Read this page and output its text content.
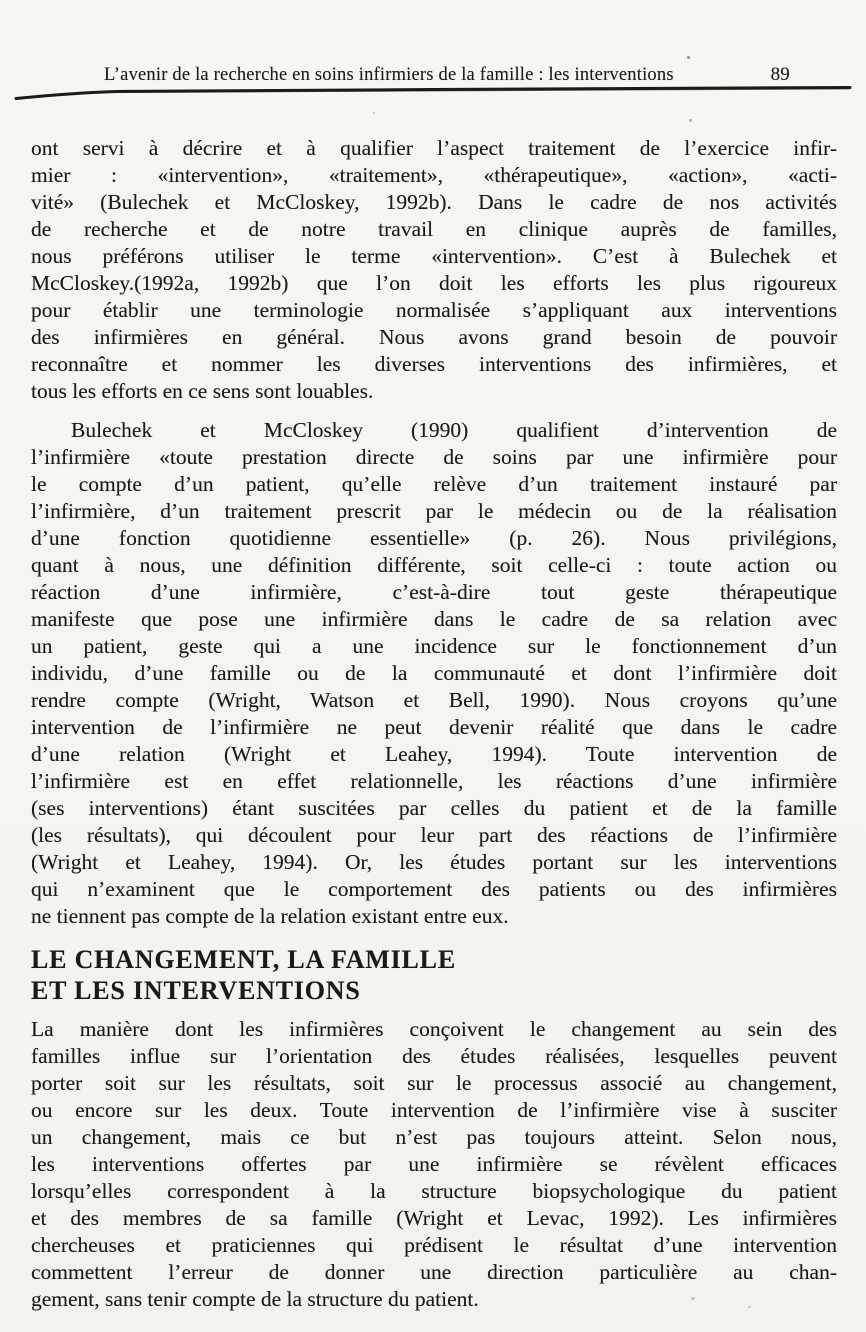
L’avenir de la recherche en soins infirmiers de la famille : les interventions	89

ont servi à décrire et à qualifier l’aspect traitement de l’exercice infir-
mier : «intervention», «traitement», «thérapeutique», «action», «acti-
vité» (Bulechek et McCloskey, 1992b). Dans le cadre de nos activités
de recherche et de notre travail en clinique auprès de familles,
nous préférons utiliser le terme «intervention». C’est à Bulechek et
McCloskey.(1992a, 1992b) que l’on doit les efforts les plus rigoureux
pour établir une terminologie normalisée s’appliquant aux interventions
des infirmières en général. Nous avons grand besoin de pouvoir
reconnaître et nommer les diverses interventions des infirmières, et
tous les efforts en ce sens sont louables.

Bulechek et McCloskey (1990) qualifient d’intervention de
l’infirmière «toute prestation directe de soins par une infirmière pour
le compte d’un patient, qu’elle relève d’un traitement instauré par
l’infirmière, d’un traitement prescrit par le médecin ou de la réalisation
d’une fonction quotidienne essentielle» (p. 26). Nous privilégions,
quant à nous, une définition différente, soit celle-ci : toute action ou
réaction d’une infirmière, c’est-à-dire tout geste thérapeutique
manifeste que pose une infirmière dans le cadre de sa relation avec
un patient, geste qui a une incidence sur le fonctionnement d’un
individu, d’une famille ou de la communauté et dont l’infirmière doit
rendre compte (Wright, Watson et Bell, 1990). Nous croyons qu’une
intervention de l’infirmière ne peut devenir réalité que dans le cadre
d’une relation (Wright et Leahey, 1994). Toute intervention de
l’infirmière est en effet relationnelle, les réactions d’une infirmière
(ses interventions) étant suscitées par celles du patient et de la famille
(les résultats), qui découlent pour leur part des réactions de l’infirmière
(Wright et Leahey, 1994). Or, les études portant sur les interventions
qui n’examinent que le comportement des patients ou des infirmières
ne tiennent pas compte de la relation existant entre eux.

LE CHANGEMENT, LA FAMILLE
ET LES INTERVENTIONS

La manière dont les infirmières conçoivent le changement au sein des
familles influe sur l’orientation des études réalisées, lesquelles peuvent
porter soit sur les résultats, soit sur le processus associé au changement,
ou encore sur les deux. Toute intervention de l’infirmière vise à susciter
un changement, mais ce but n’est pas toujours atteint. Selon nous,
les interventions offertes par une infirmière se révèlent efficaces
lorsqu’elles correspondent à la structure biopsychologique du patient
et des membres de sa famille (Wright et Levac, 1992). Les infirmières
chercheuses et praticiennes qui prédisent le résultat d’une intervention
commettent l’erreur de donner une direction particulière au chan-
gement, sans tenir compte de la structure du patient.
